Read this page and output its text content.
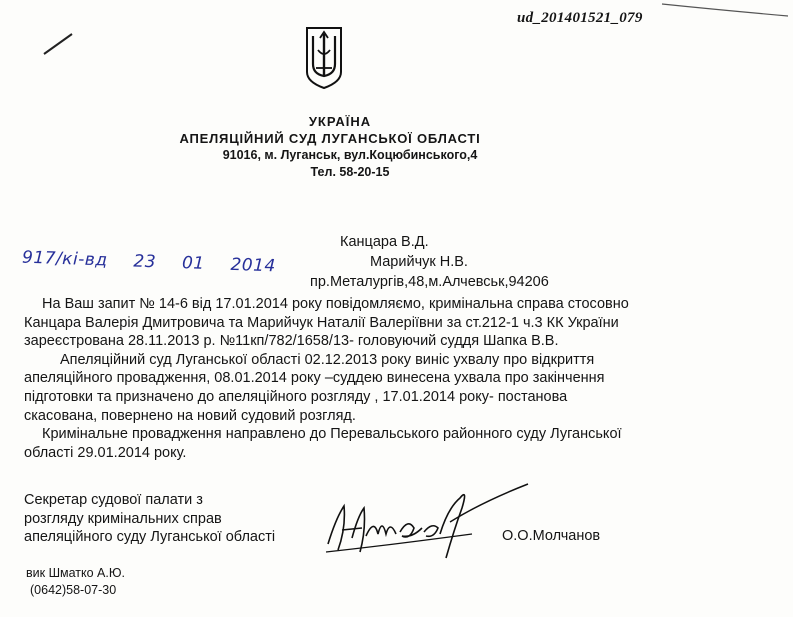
ud_201401521_079
УКРАЇНА
АПЕЛЯЦІЙНИЙ СУД ЛУГАНСЬКОЇ ОБЛАСТІ
91016, м. Луганськ, вул.Коцюбинського,4
Тел. 58-20-15
917/кі-вд 23 01 2014
Канцара В.Д.
Марийчук Н.В.
пр.Металургів,48,м.Алчевськ,94206

На Ваш запит № 14-6 від 17.01.2014 року повідомляємо, кримінальна справа стосовно

Канцара Валерія Дмитровича та Марийчук Наталії Валеріївни за ст.212-1 ч.3 КК України

зареєстрована 28.11.2013 р. №11кп/782/1658/13- головуючий суддя Шапка В.В.

Апеляційний суд Луганської області 02.12.2013 року виніс ухвалу про відкриття

апеляційного провадження, 08.01.2014 року –суддею винесена ухвала про закінчення

підготовки та призначено до апеляційного розгляду , 17.01.2014 року- постанова

скасована, повернено на новий судовий розгляд.

Кримінальне провадження направлено до Перевальського районного суду Луганської

області 29.01.2014 року.

Секретар судової палати з
розгляду кримінальних справ
апеляційного суду Луганської області	О.О.Молчанов
вик Шматко А.Ю.
(0642)58-07-30
